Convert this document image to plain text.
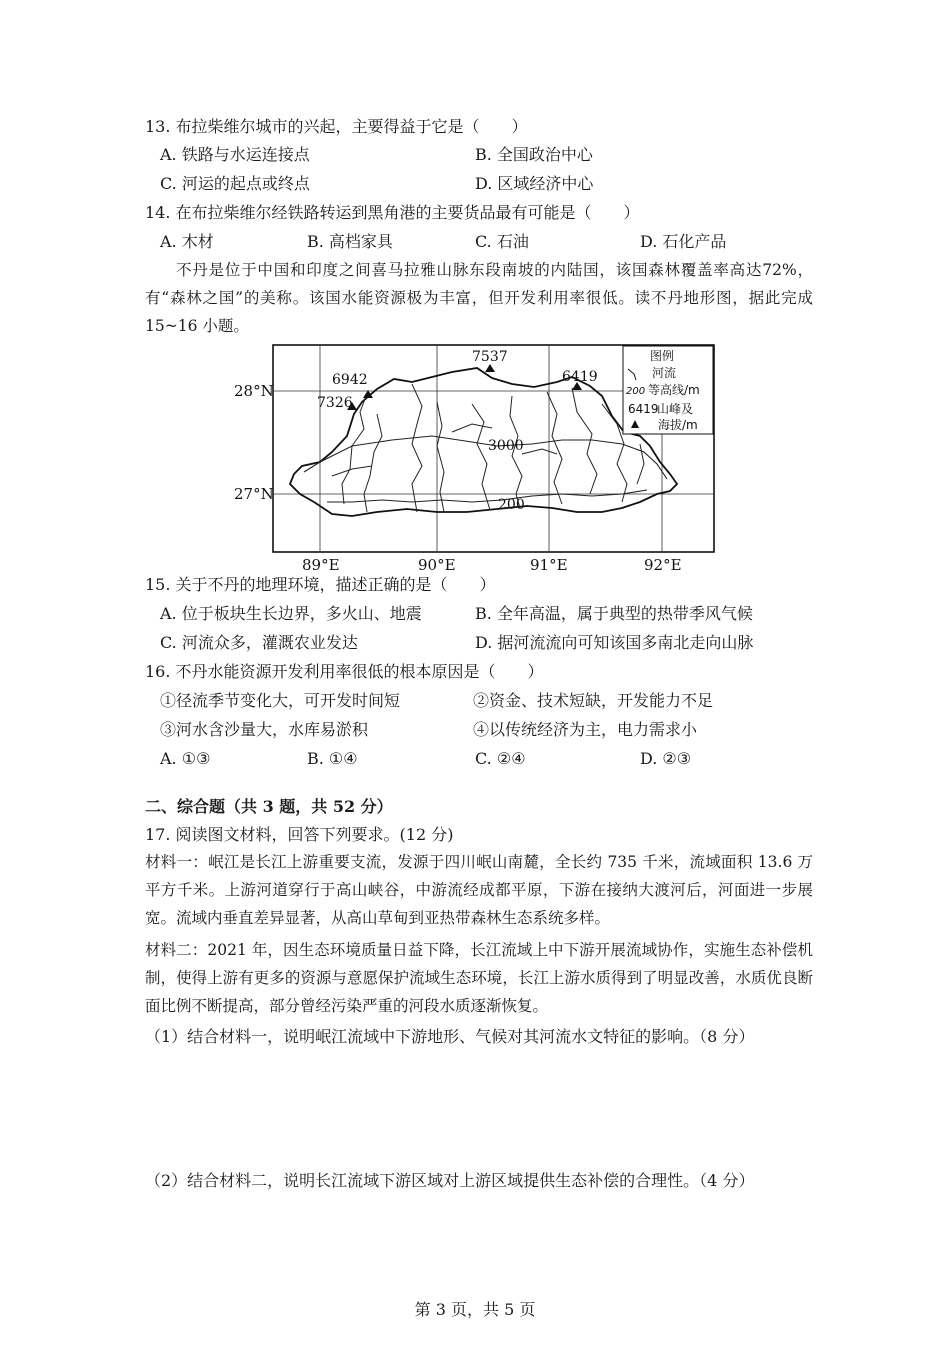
13. 布拉柴维尔城市的兴起，主要得益于它是（　　）
A. 铁路与水运连接点	B. 全国政治中心
C. 河运的起点或终点	D. 区域经济中心
14. 在布拉柴维尔经铁路转运到黑角港的主要货品最有可能是（　　）
A. 木材	B. 高档家具	C. 石油	D. 石化产品
不丹是位于中国和印度之间喜马拉雅山脉东段南坡的内陆国，该国森林覆盖率高达72%，有“森林之国”的美称。该国水能资源极为丰富，但开发利用率很低。读不丹地形图，据此完成 15~16 小题。
7537
6942
7326
6419
3000
200
图例
河流
200 等高线/m
6419
山峰及
海拔/m
28°N
27°N
89°E	90°E	91°E	92°E
15. 关于不丹的地理环境，描述正确的是（　　）
A. 位于板块生长边界，多火山、地震	B. 全年高温，属于典型的热带季风气候
C. 河流众多，灌溉农业发达	D. 据河流流向可知该国多南北走向山脉
16. 不丹水能资源开发利用率很低的根本原因是（　　）
①径流季节变化大，可开发时间短	②资金、技术短缺，开发能力不足
③河水含沙量大，水库易淤积	④以传统经济为主，电力需求小
A. ①③	B. ①④	C. ②④	D. ②③
二、综合题（共 3 题，共 52 分）
17. 阅读图文材料，回答下列要求。(12 分)
材料一：岷江是长江上游重要支流，发源于四川岷山南麓，全长约 735 千米，流域面积 13.6 万平方千米。上游河道穿行于高山峡谷，中游流经成都平原，下游在接纳大渡河后，河面进一步展宽。流域内垂直差异显著，从高山草甸到亚热带森林生态系统多样。
材料二：2021 年，因生态环境质量日益下降，长江流域上中下游开展流域协作，实施生态补偿机制，使得上游有更多的资源与意愿保护流域生态环境，长江上游水质得到了明显改善，水质优良断面比例不断提高，部分曾经污染严重的河段水质逐渐恢复。
（1）结合材料一，说明岷江流域中下游地形、气候对其河流水文特征的影响。（8 分）
（2）结合材料二，说明长江流域下游区域对上游区域提供生态补偿的合理性。（4 分）
第 3 页，共 5 页
